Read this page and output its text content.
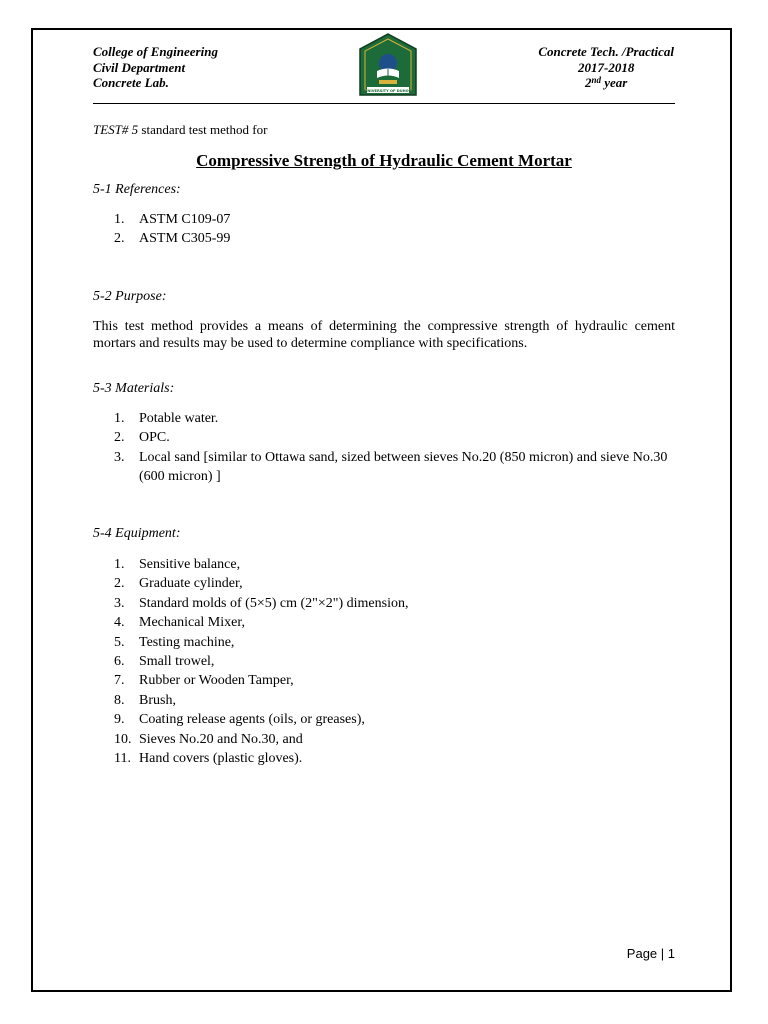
College of Engineering
Civil Department
Concrete Lab.
UNIVERSITY OF DUHOK
Concrete Tech. /Practical
2017-2018
2nd year
TEST# 5 standard test method for
Compressive Strength of Hydraulic Cement Mortar
5-1 References:
1.	ASTM C109-07
2.	ASTM C305-99
5-2 Purpose:
This test method provides a means of determining the compressive strength of hydraulic cement mortars and results may be used to determine compliance with specifications.
5-3 Materials:
1.	Potable water.
2.	OPC.
3.	Local sand [similar to Ottawa sand, sized between sieves No.20 (850 micron) and sieve No.30 (600 micron) ]
5-4 Equipment:
1.	Sensitive balance,
2.	Graduate cylinder,
3.	Standard molds of (5×5) cm (2"×2") dimension,
4.	Mechanical Mixer,
5.	Testing machine,
6.	Small trowel,
7.	Rubber or Wooden Tamper,
8.	Brush,
9.	Coating release agents (oils, or greases),
10. Sieves No.20 and No.30, and
11. Hand covers (plastic gloves).
Page | 1
